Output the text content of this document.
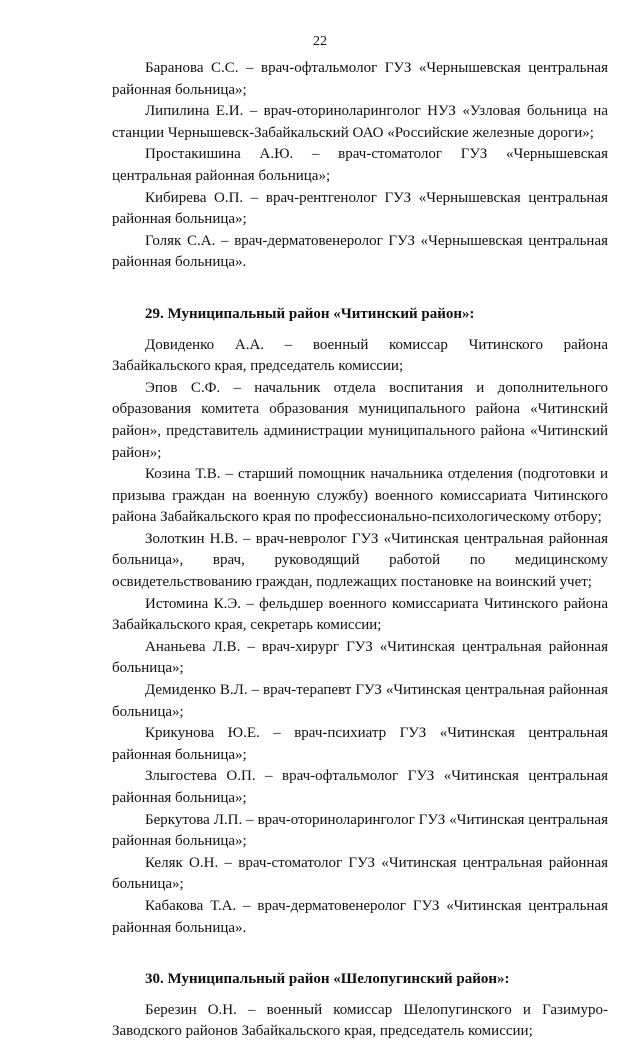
22

Баранова С.С. – врач-офтальмолог ГУЗ «Чернышевская центральная районная больница»;

Липилина Е.И. – врач-оториноларинголог НУЗ «Узловая больница на станции Чернышевск-Забайкальский ОАО «Российские железные дороги»;

Простакишина А.Ю. – врач-стоматолог ГУЗ «Чернышевская центральная районная больница»;

Кибирева О.П. – врач-рентгенолог ГУЗ «Чернышевская центральная районная больница»;

Голяк С.А. – врач-дерматовенеролог ГУЗ «Чернышевская центральная районная больница».

29. Муниципальный район «Читинский район»:

Довиденко А.А. – военный комиссар Читинского района Забайкальского края, председатель комиссии;

Эпов С.Ф. – начальник отдела воспитания и дополнительного образования комитета образования муниципального района «Читинский район», представитель администрации муниципального района «Читинский район»;

Козина Т.В. – старший помощник начальника отделения (подготовки и призыва граждан на военную службу) военного комиссариата Читинского района Забайкальского края по профессионально-психологическому отбору;

Золоткин Н.В. – врач-невролог ГУЗ «Читинская центральная районная больница», врач, руководящий работой по медицинскому освидетельствованию граждан, подлежащих постановке на воинский учет;

Истомина К.Э. – фельдшер военного комиссариата Читинского района Забайкальского края, секретарь комиссии;

Ананьева Л.В. – врач-хирург ГУЗ «Читинская центральная районная больница»;

Демиденко В.Л. – врач-терапевт ГУЗ «Читинская центральная районная больница»;

Крикунова Ю.Е. – врач-психиатр ГУЗ «Читинская центральная районная больница»;

Злыгостева О.П. – врач-офтальмолог ГУЗ «Читинская центральная районная больница»;

Беркутова Л.П. – врач-оториноларинголог ГУЗ «Читинская центральная районная больница»;

Келяк О.Н. – врач-стоматолог ГУЗ «Читинская центральная районная больница»;

Кабакова Т.А. – врач-дерматовенеролог ГУЗ «Читинская центральная районная больница».

30. Муниципальный район «Шелопугинский район»:

Березин О.Н. – военный комиссар Шелопугинского и Газимуро-Заводского районов Забайкальского края, председатель комиссии;
